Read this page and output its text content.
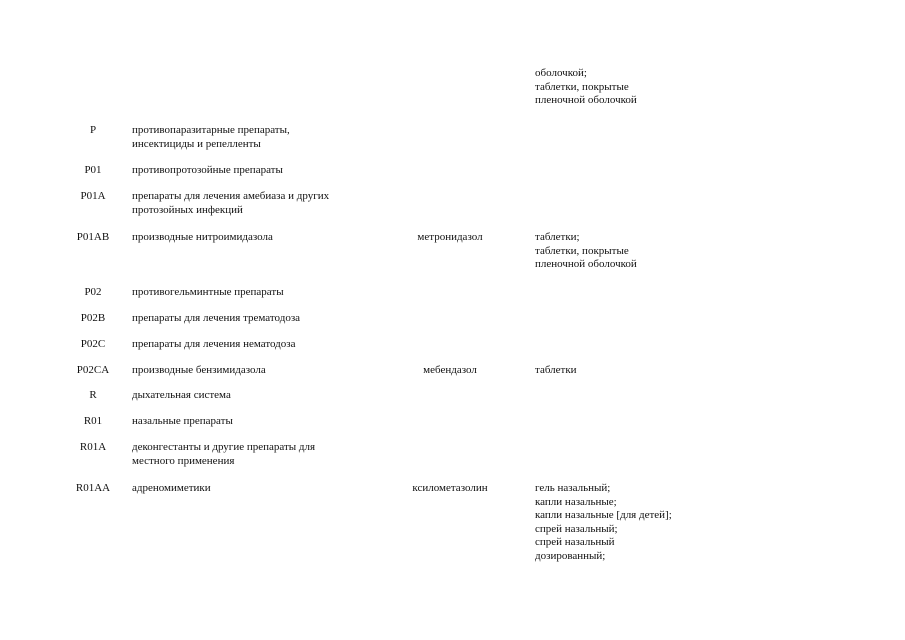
оболочкой;
таблетки, покрытые
пленочной оболочкой
P	противопаразитарные препараты,
инсектициды и репелленты
P01	противопротозойные препараты
P01A	препараты для лечения амебиаза и других
протозойных инфекций
P01AB	производные нитроимидазола	метронидазол	таблетки;
таблетки, покрытые
пленочной оболочкой
P02	противогельминтные препараты
P02B	препараты для лечения трематодоза
P02C	препараты для лечения нематодоза
P02CA	производные бензимидазола	мебендазол	таблетки
R	дыхательная система
R01	назальные препараты
R01A	деконгестанты и другие препараты для
местного применения
R01AA	адреномиметики	ксилометазолин	гель назальный;
капли назальные;
капли назальные [для детей];
спрей назальный;
спрей назальный
дозированный;
